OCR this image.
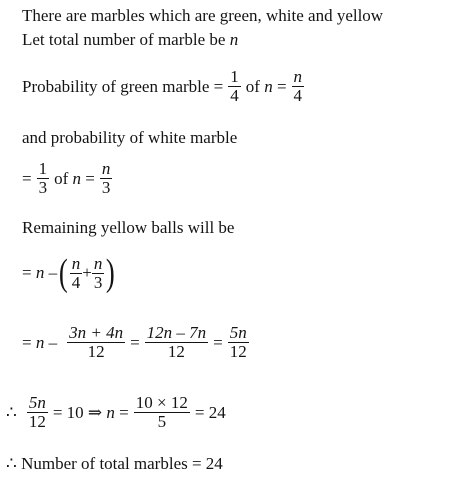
There are marbles which are green, white and yellow
Let total number of marble be n
Probability of green marble = $\frac{1}{4}$ of
n
= $\frac{n}{4}$
and probability of white marble
= $\frac{1}{3}$ of
n
= $\frac{n}{3}$
Remaining yellow balls will be
=
n
– ( $\frac{n}{4} + \frac{n}{3}$ )
=
n
– $\frac{3n + 4n}{12} = \frac{12n - 7n}{12} = \frac{5n}{12}$
∴ $\frac{5n}{12} = 10$ ⇒
n
= $\frac{10 \times 12}{5} = 24$
∴ Number of total marbles = 24
